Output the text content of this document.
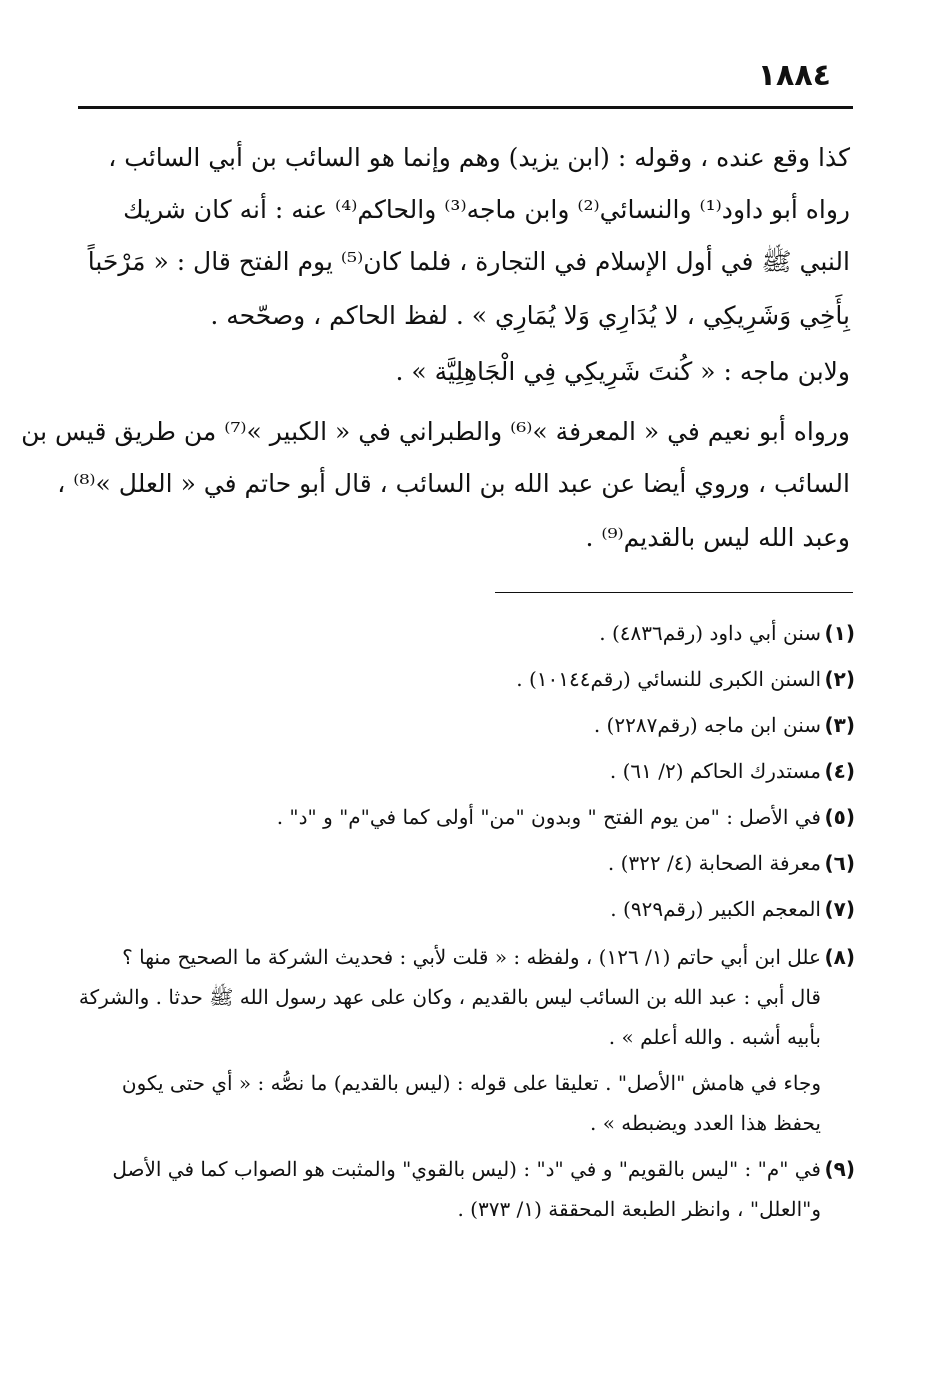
١٨٨٤
كذا وقع عنده ، وقوله : (ابن يزيد) وهم وإنما هو السائب بن أبي السائب ،
رواه أبو داود⁽¹⁾ والنسائي⁽²⁾ وابن ماجه⁽³⁾ والحاكم⁽⁴⁾ عنه : أنه كان شريك
النبي ﷺ في أول الإسلام في التجارة ، فلما كان⁽⁵⁾ يوم الفتح قال : « مَرْحَباً
بِأَخِي وَشَرِيكِي ، لا يُدَارِي وَلا يُمَارِي » . لفظ الحاكم ، وصحّحه .
ولابن ماجه : « كُنتَ شَرِيكِي فِي الْجَاهِلِيَّة » .
ورواه أبو نعيم في « المعرفة »⁽⁶⁾ والطبراني في « الكبير »⁽⁷⁾ من طريق قيس بن
السائب ، وروي أيضا عن عبد الله بن السائب ، قال أبو حاتم في « العلل »⁽⁸⁾ ،
وعبد الله ليس بالقديم⁽⁹⁾ .
(١)سنن أبي داود (رقم٤٨٣٦) .
(٢)السنن الكبرى للنسائي (رقم١٠١٤٤) .
(٣)سنن ابن ماجه (رقم٢٢٨٧) .
(٤)مستدرك الحاكم (٢/ ٦١) .
(٥)في الأصل : "من يوم الفتح " وبدون "من" أولى كما في"م" و "د" .
(٦)معرفة الصحابة (٤/ ٣٢٢) .
(٧)المعجم الكبير (رقم٩٢٩) .
(٨)علل ابن أبي حاتم (١/ ١٢٦) ، ولفظه : « قلت لأبي : فحديث الشركة ما الصحيح منها ؟
قال أبي : عبد الله بن السائب ليس بالقديم ، وكان على عهد رسول الله ﷺ حدثا . والشركة
بأبيه أشبه . والله أعلم » .
وجاء في هامش "الأصل" . تعليقا على قوله : (ليس بالقديم) ما نصُّه : « أي حتى يكون
يحفظ هذا العدد ويضبطه » .
(٩)في "م" : "ليس بالقويم" و في "د" : (ليس بالقوي" والمثبت هو الصواب كما في الأصل
و"العلل" ، وانظر الطبعة المحققة (١/ ٣٧٣) .
